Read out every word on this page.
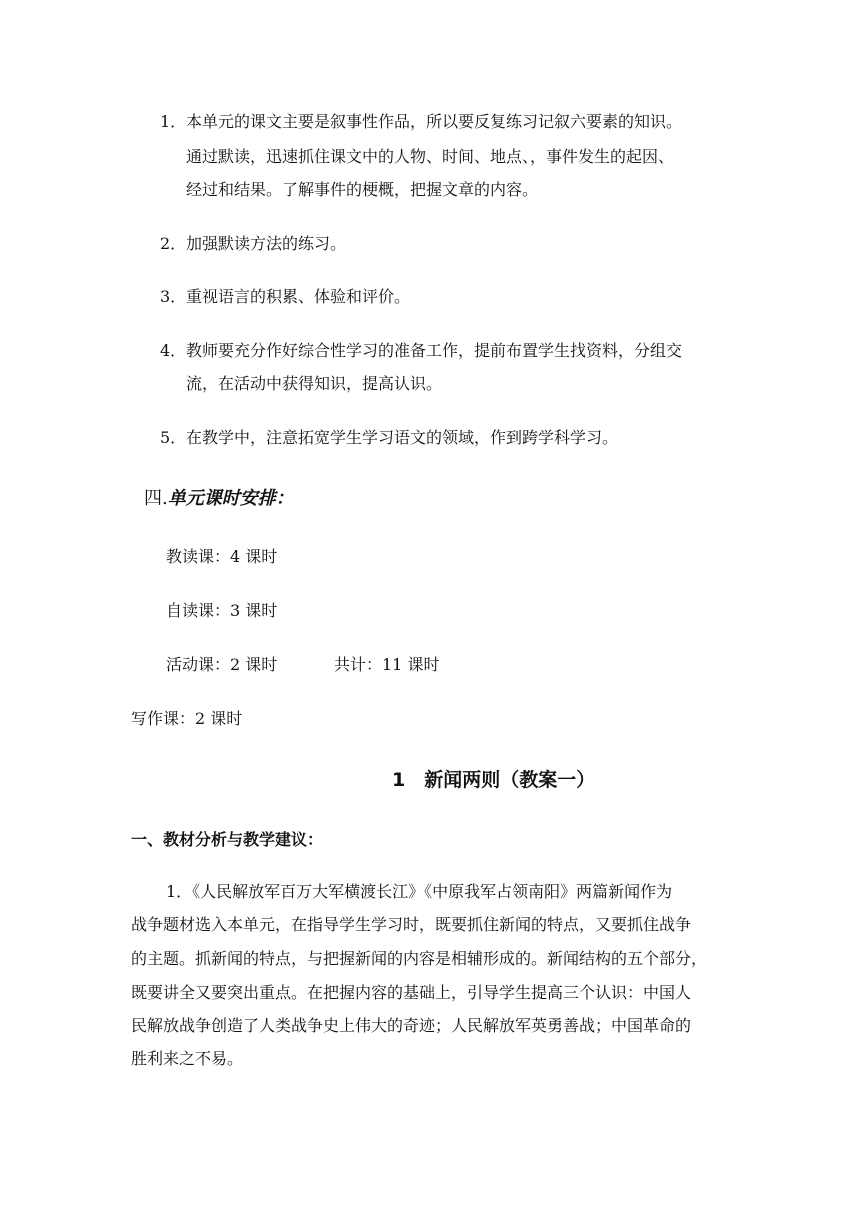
1． 本单元的课文主要是叙事性作品，所以要反复练习记叙六要素的知识。
通过默读，迅速抓住课文中的人物、时间、地点、，事件发生的起因、
经过和结果。了解事件的梗概，把握文章的内容。
2． 加强默读方法的练习。
3． 重视语言的积累、体验和评价。
4． 教师要充分作好综合性学习的准备工作，提前布置学生找资料，分组交
流，在活动中获得知识，提高认识。
5． 在教学中，注意拓宽学生学习语文的领域，作到跨学科学习。
四.单元课时安排：
教读课：4 课时
自读课：3 课时
活动课：2 课时	共计：11 课时
写作课：2 课时
1　新闻两则（教案一）
一、教材分析与教学建议：
1．《人民解放军百万大军横渡长江》《中原我军占领南阳》两篇新闻作为
战争题材选入本单元，在指导学生学习时，既要抓住新闻的特点，又要抓住战争
的主题。抓新闻的特点，与把握新闻的内容是相辅形成的。新闻结构的五个部分，
既要讲全又要突出重点。在把握内容的基础上，引导学生提高三个认识：中国人
民解放战争创造了人类战争史上伟大的奇迹；人民解放军英勇善战；中国革命的
胜利来之不易。
